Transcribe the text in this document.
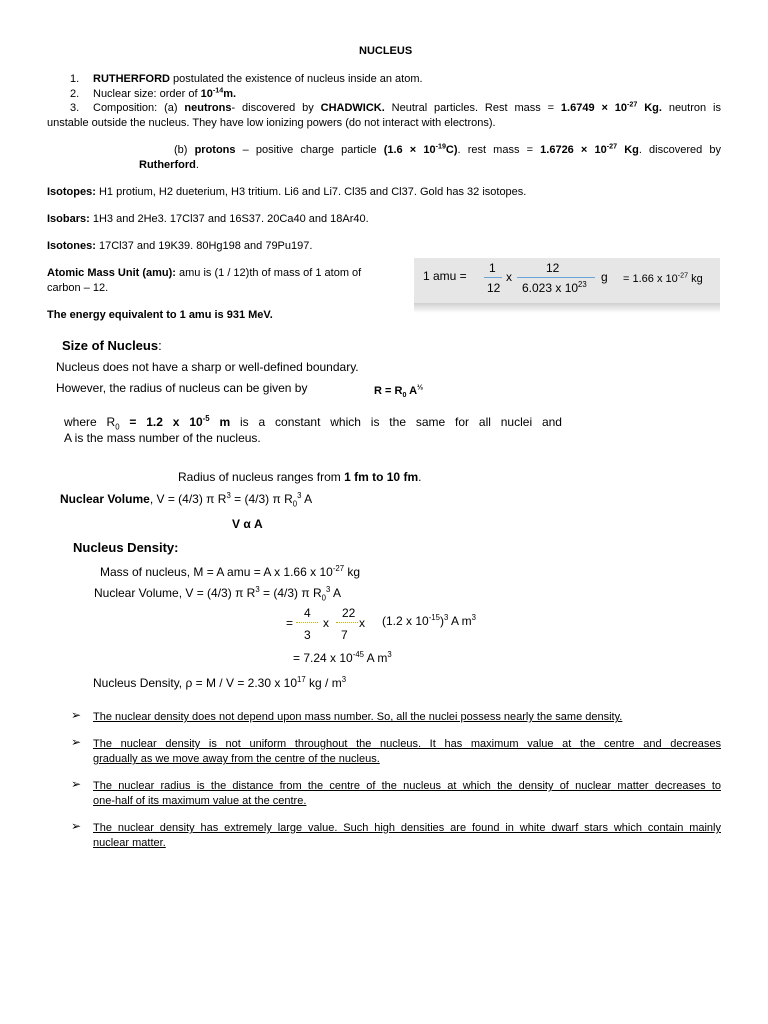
NUCLEUS
1. RUTHERFORD postulated the existence of nucleus inside an atom.
2. Nuclear size: order of $10^{-14}m$.
3. Composition: (a) neutrons- discovered by CHADWICK. Neutral particles. Rest mass = $1.6749 \times 10^{-27}$ Kg. neutron is
unstable outside the nucleus. They have low ionizing powers (do not interact with electrons).
(b) protons – positive charge particle $(1.6 \times 10^{-19}C)$. rest mass = $1.6726 \times 10^{-27}$ Kg. discovered by
Rutherford.
Isotopes: H1 protium, H2 dueterium, H3 tritium. Li6 and Li7. Cl35 and Cl37. Gold has 32 isotopes.
Isobars: 1H3 and 2He3. 17Cl37 and 16S37. 20Ca40 and 18Ar40.
Isotones: 17Cl37 and 19K39. 80Hg198 and 79Pu197.
Atomic Mass Unit (amu): amu is (1 / 12)th of mass of 1 atom of
carbon – 12.
The energy equivalent to 1 amu is 931 MeV.
1 amu =
1
12
x
12
6.023 x $10^{23}$
g = 1.66 x $10^{-27}$ kg
Size of Nucleus:
Nucleus does not have a sharp or well-defined boundary.
However, the radius of nucleus can be given by	$R = R_0$ $A^{\frac{1}{3}}$
where $R_0 = 1.2$ x $10^{-5}$ m is a constant which is the same for all nuclei and
A is the mass number of the nucleus.
Radius of nucleus ranges from 1 fm to 10 fm.
Nuclear Volume, V = (4/3) π $R^3 = (4/3)$ π $R_0^3$ A
V α A
Nucleus Density:
Mass of nucleus, M = A amu = A x 1.66 x $10^{-27}$ kg
Nuclear Volume, V = (4/3) π $R^3 = (4/3)$ π $R_0^3$ A
=
4
3
x
22
7
x (1.2 x $10^{-15})^3$ A $m^3$
= 7.24 x $10^{-45}$ A $m^3$
Nucleus Density, ρ = M / V = 2.30 x $10^{17}$ kg / $m^3$
➢ The nuclear density does not depend upon mass number. So, all the nuclei possess nearly the same density.
➢ The nuclear density is not uniform throughout the nucleus. It has maximum value at the centre and decreases
gradually as we move away from the centre of the nucleus.
➢ The nuclear radius is the distance from the centre of the nucleus at which the density of nuclear matter decreases to
one-half of its maximum value at the centre.
➢ The nuclear density has extremely large value. Such high densities are found in white dwarf stars which contain mainly
nuclear matter.
